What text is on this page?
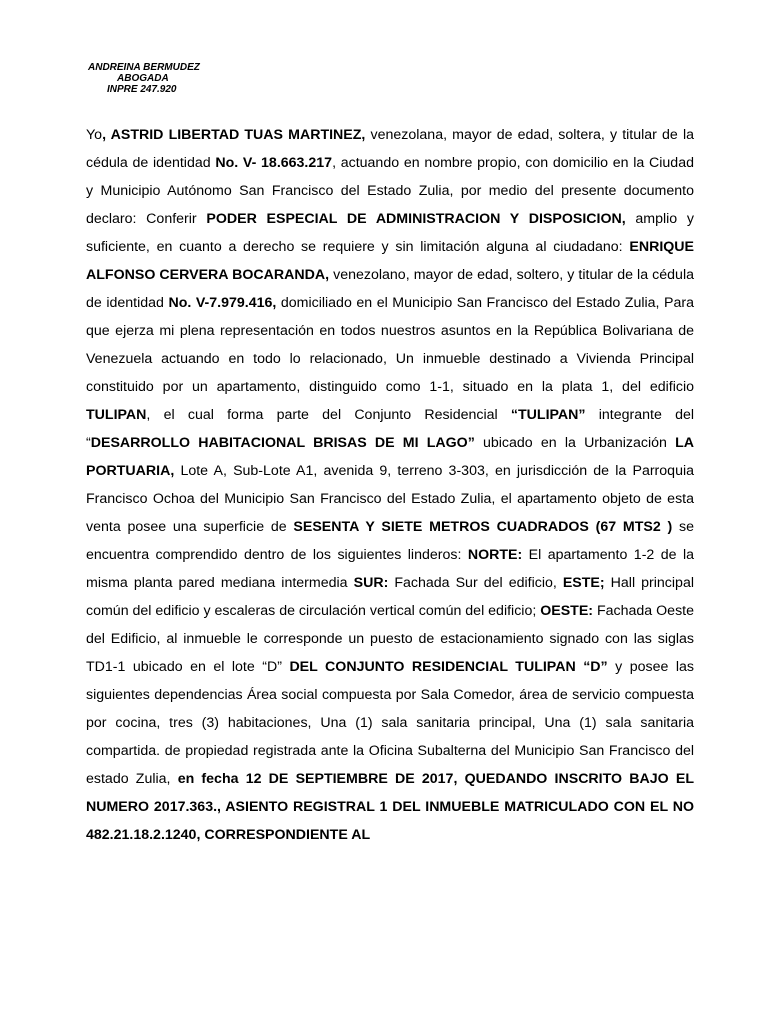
ANDREINA BERMUDEZ
ABOGADA
INPRE 247.920
Yo, ASTRID LIBERTAD TUAS MARTINEZ, venezolana, mayor de edad, soltera, y titular de la cédula de identidad No. V- 18.663.217, actuando en nombre propio, con domicilio en la Ciudad y Municipio Autónomo San Francisco del Estado Zulia, por medio del presente documento declaro: Conferir PODER ESPECIAL DE ADMINISTRACION Y DISPOSICION, amplio y suficiente, en cuanto a derecho se requiere y sin limitación alguna al ciudadano: ENRIQUE ALFONSO CERVERA BOCARANDA, venezolano, mayor de edad, soltero, y titular de la cédula de identidad No. V-7.979.416, domiciliado en el Municipio San Francisco del Estado Zulia, Para que ejerza mi plena representación en todos nuestros asuntos en la República Bolivariana de Venezuela actuando en todo lo relacionado, Un inmueble destinado a Vivienda Principal constituido por un apartamento, distinguido como 1-1, situado en la plata 1, del edificio TULIPAN, el cual forma parte del Conjunto Residencial “TULIPAN” integrante del “DESARROLLO HABITACIONAL BRISAS DE MI LAGO” ubicado en la Urbanización LA PORTUARIA, Lote A, Sub-Lote A1, avenida 9, terreno 3-303, en jurisdicción de la Parroquia Francisco Ochoa del Municipio San Francisco del Estado Zulia, el apartamento objeto de esta venta posee una superficie de SESENTA Y SIETE METROS CUADRADOS (67 MTS2 ) se encuentra comprendido dentro de los siguientes linderos: NORTE: El apartamento 1-2 de la misma planta pared mediana intermedia SUR: Fachada Sur del edificio, ESTE; Hall principal común del edificio y escaleras de circulación vertical común del edificio; OESTE: Fachada Oeste del Edificio, al inmueble le corresponde un puesto de estacionamiento signado con las siglas TD1-1 ubicado en el lote “D” DEL CONJUNTO RESIDENCIAL TULIPAN “D” y posee las siguientes dependencias Área social compuesta por Sala Comedor, área de servicio compuesta por cocina, tres (3) habitaciones, Una (1) sala sanitaria principal, Una (1) sala sanitaria compartida. de propiedad registrada ante la Oficina Subalterna del Municipio San Francisco del estado Zulia, en fecha 12 DE SEPTIEMBRE DE 2017, QUEDANDO INSCRITO BAJO EL NUMERO 2017.363., ASIENTO REGISTRAL 1 DEL INMUEBLE MATRICULADO CON EL NO 482.21.18.2.1240, CORRESPONDIENTE AL
